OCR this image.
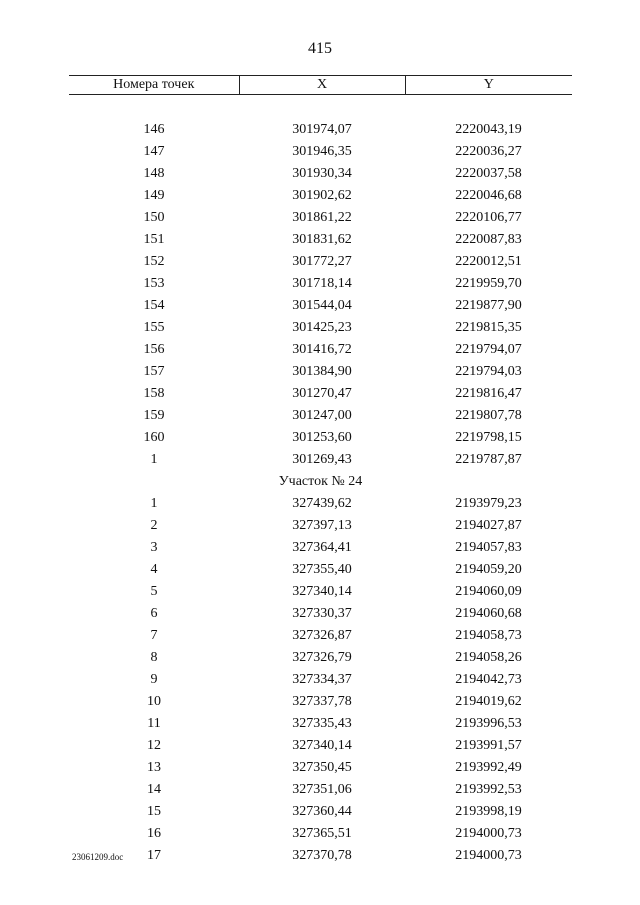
415
Номера точек	X	Y

146	301974,07	2220043,19
147	301946,35	2220036,27
148	301930,34	2220037,58
149	301902,62	2220046,68
150	301861,22	2220106,77
151	301831,62	2220087,83
152	301772,27	2220012,51
153	301718,14	2219959,70
154	301544,04	2219877,90
155	301425,23	2219815,35
156	301416,72	2219794,07
157	301384,90	2219794,03
158	301270,47	2219816,47
159	301247,00	2219807,78
160	301253,60	2219798,15
1	301269,43	2219787,87
Участок № 24		
1	327439,62	2193979,23
2	327397,13	2194027,87
3	327364,41	2194057,83
4	327355,40	2194059,20
5	327340,14	2194060,09
6	327330,37	2194060,68
7	327326,87	2194058,73
8	327326,79	2194058,26
9	327334,37	2194042,73
10	327337,78	2194019,62
11	327335,43	2193996,53
12	327340,14	2193991,57
13	327350,45	2193992,49
14	327351,06	2193992,53
15	327360,44	2193998,19
16	327365,51	2194000,73
17	327370,78	2194000,73
23061209.doc
